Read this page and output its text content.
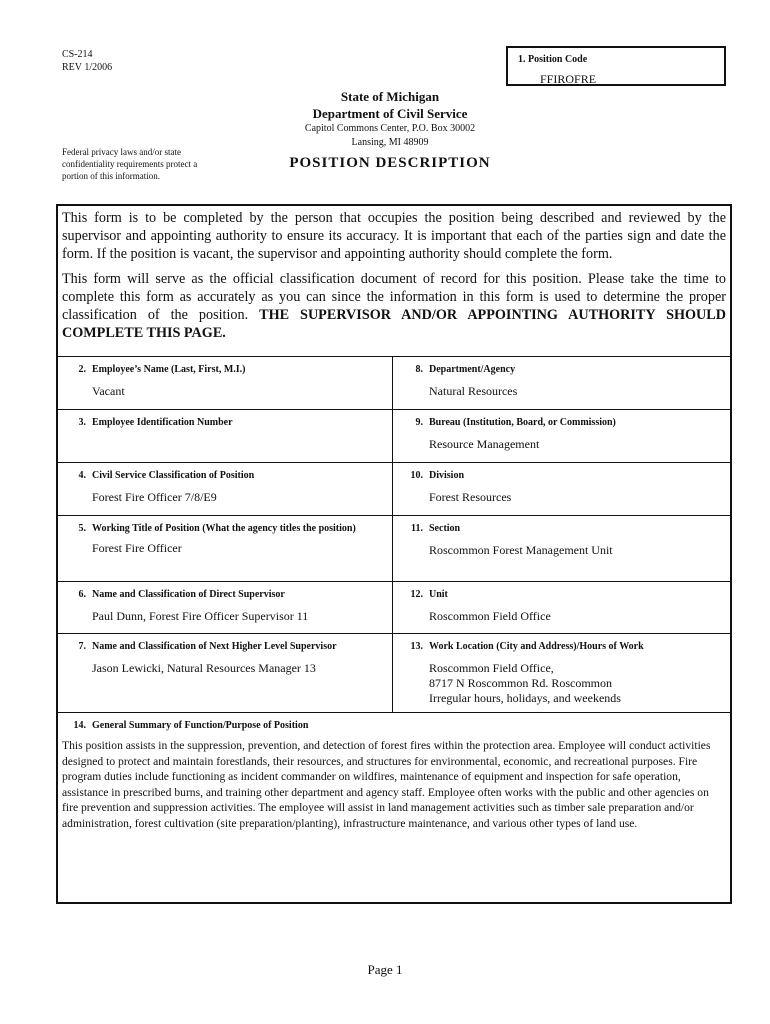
CS-214
REV 1/2006
1. Position Code
FFIROFRE
State of Michigan
Department of Civil Service
Capitol Commons Center, P.O. Box 30002
Lansing, MI 48909
Federal privacy laws and/or state confidentiality requirements protect a portion of this information.
POSITION DESCRIPTION

This form is to be completed by the person that occupies the position being described and reviewed by the supervisor and appointing authority to ensure its accuracy. It is important that each of the parties sign and date the form. If the position is vacant, the supervisor and appointing authority should complete the form.

This form will serve as the official classification document of record for this position. Please take the time to complete this form as accurately as you can since the information in this form is used to determine the proper classification of the position. THE SUPERVISOR AND/OR APPOINTING AUTHORITY SHOULD COMPLETE THIS PAGE.

2. Employee’s Name (Last, First, M.I.)
Vacant
8. Department/Agency
Natural Resources
3. Employee Identification Number	9. Bureau (Institution, Board, or Commission)
Resource Management
4. Civil Service Classification of Position
Forest Fire Officer 7/8/E9
10. Division
Forest Resources
5. Working Title of Position (What the agency titles the position)
Forest Fire Officer
11. Section
Roscommon Forest Management Unit
6. Name and Classification of Direct Supervisor
Paul Dunn, Forest Fire Officer Supervisor 11
12. Unit
Roscommon Field Office
7. Name and Classification of Next Higher Level Supervisor
Jason Lewicki, Natural Resources Manager 13
13. Work Location (City and Address)/Hours of Work
Roscommon Field Office,
8717 N Roscommon Rd. Roscommon
Irregular hours, holidays, and weekends
14. General Summary of Function/Purpose of Position
This position assists in the suppression, prevention, and detection of forest fires within the protection area. Employee will conduct activities designed to protect and maintain forestlands, their resources, and structures for environmental, economic, and recreational purposes. Fire program duties include functioning as incident commander on wildfires, maintenance of equipment and inspection for safe operation, assistance in prescribed burns, and training other department and agency staff. Employee often works with the public and other agencies on fire prevention and suppression activities. The employee will assist in land management activities such as timber sale preparation and/or administration, forest cultivation (site preparation/planting), infrastructure maintenance, and various other types of land use.
Page 1
